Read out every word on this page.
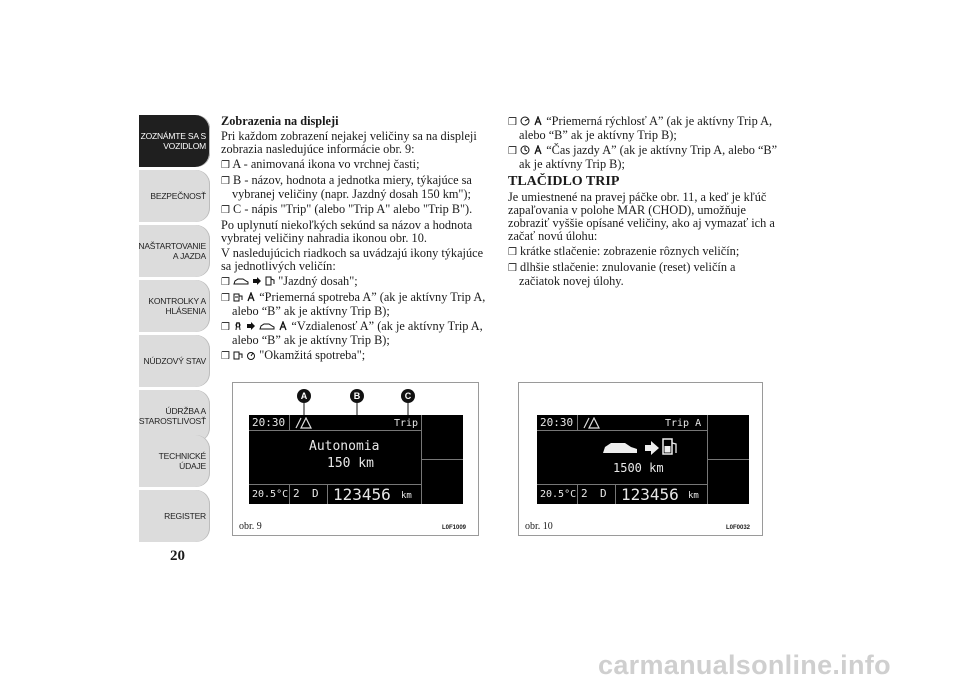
ZOZNÁMTE SA S
VOZIDLOM
BEZPEČNOSŤ
NAŠTARTOVANIE
A JAZDA
KONTROLKY A
HLÁSENIA
NÚDZOVÝ STAV
ÚDRŽBA A
STAROSTLIVOSŤ
TECHNICKÉ
ÚDAJE
REGISTER
20

Zobrazenia na displeji

Pri každom zobrazení nejakej veličiny sa na displeji zobrazia nasledujúce informácie obr. 9:

❒ A - animovaná ikona vo vrchnej časti;

❒ B - názov, hodnota a jednotka miery, týkajúce sa vybranej veličiny (napr. Jazdný dosah 150 km");

❒ C - nápis "Trip" (alebo "Trip A" alebo "Trip B").

Po uplynutí niekoľkých sekúnd sa názov a hodnota vybratej veličiny nahradia ikonou obr. 10.

V nasledujúcich riadkoch sa uvádzajú ikony týkajúce sa jednotlivých veličín:

❒	"Jazdný dosah";

❒ “Priemerná spotreba A” (ak je aktívny Trip A, alebo “B” ak je aktívny Trip B);

❒	“Vzdialenosť A” (ak je aktívny Trip A, alebo “B” ak je aktívny Trip B);

❒ "Okamžitá spotreba";

❒ “Priemerná rýchlosť A” (ak je aktívny Trip A, alebo “B” ak je aktívny Trip B);

❒ “Čas jazdy A” (ak je aktívny Trip A, alebo “B” ak je aktívny Trip B);

TLAČIDLO TRIP

Je umiestnené na pravej páčke obr. 11, a keď je kľúč zapaľovania v polohe MAR (CHOD), umožňuje zobraziť vyššie opísané veličiny, ako aj vymazať ich a začať novú úlohu:

❒ krátke stlačenie: zobrazenie rôznych veličín;

❒ dlhšie stlačenie: znulovanie (reset) veličín a začiatok novej úlohy.

A	B	C
20:30	Trip
Autonomia
150 km
20.5°C 2 D 123456 km
obr. 9	L0F1009
20:30	Trip A
1500 km
20.5°C 2 D 123456 km
obr. 10	L0F0032
carmanualsonline.info
